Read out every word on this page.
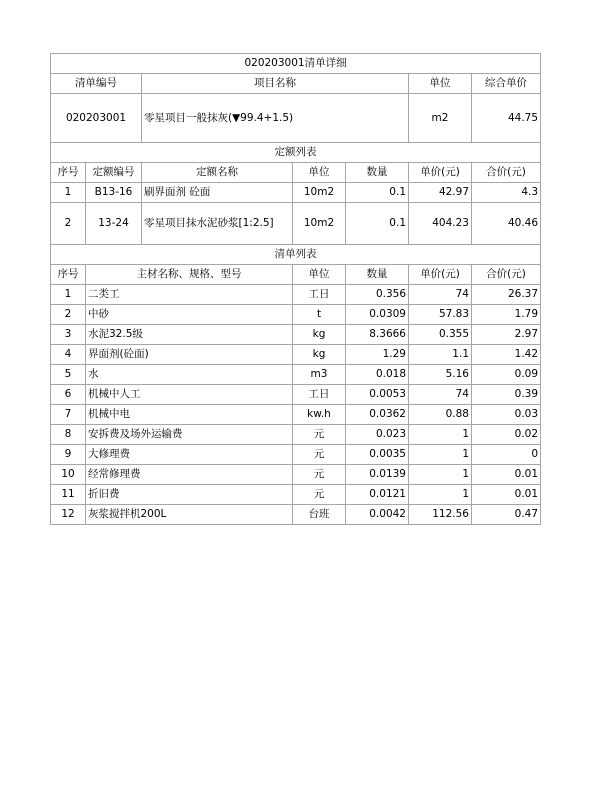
020203001清单详细						
清单编号		项目名称			单位	综合单价
020203001		零星项目一般抹灰(▼99.4+1.5)			m2	44.75
定额列表						
序号	定额编号	定额名称	单位	数量	单价(元)	合价(元)
1	B13-16	刷界面剂 砼面	10m2	0.1	42.97	4.3
2	13-24	零星项目抹水泥砂浆[1:2.5]	10m2	0.1	404.23	40.46
清单列表						
序号	主材名称、规格、型号		单位	数量	单价(元)	合价(元)
1	二类工		工日	0.356	74	26.37
2	中砂		t	0.0309	57.83	1.79
3	水泥32.5级		kg	8.3666	0.355	2.97
4	界面剂(砼面)		kg	1.29	1.1	1.42
5	水		m3	0.018	5.16	0.09
6	机械中人工		工日	0.0053	74	0.39
7	机械中电		kw.h	0.0362	0.88	0.03
8	安拆费及场外运输费		元	0.023	1	0.02
9	大修理费		元	0.0035	1	0
10	经常修理费		元	0.0139	1	0.01
11	折旧费		元	0.0121	1	0.01
12	灰浆搅拌机200L		台班	0.0042	112.56	0.47
